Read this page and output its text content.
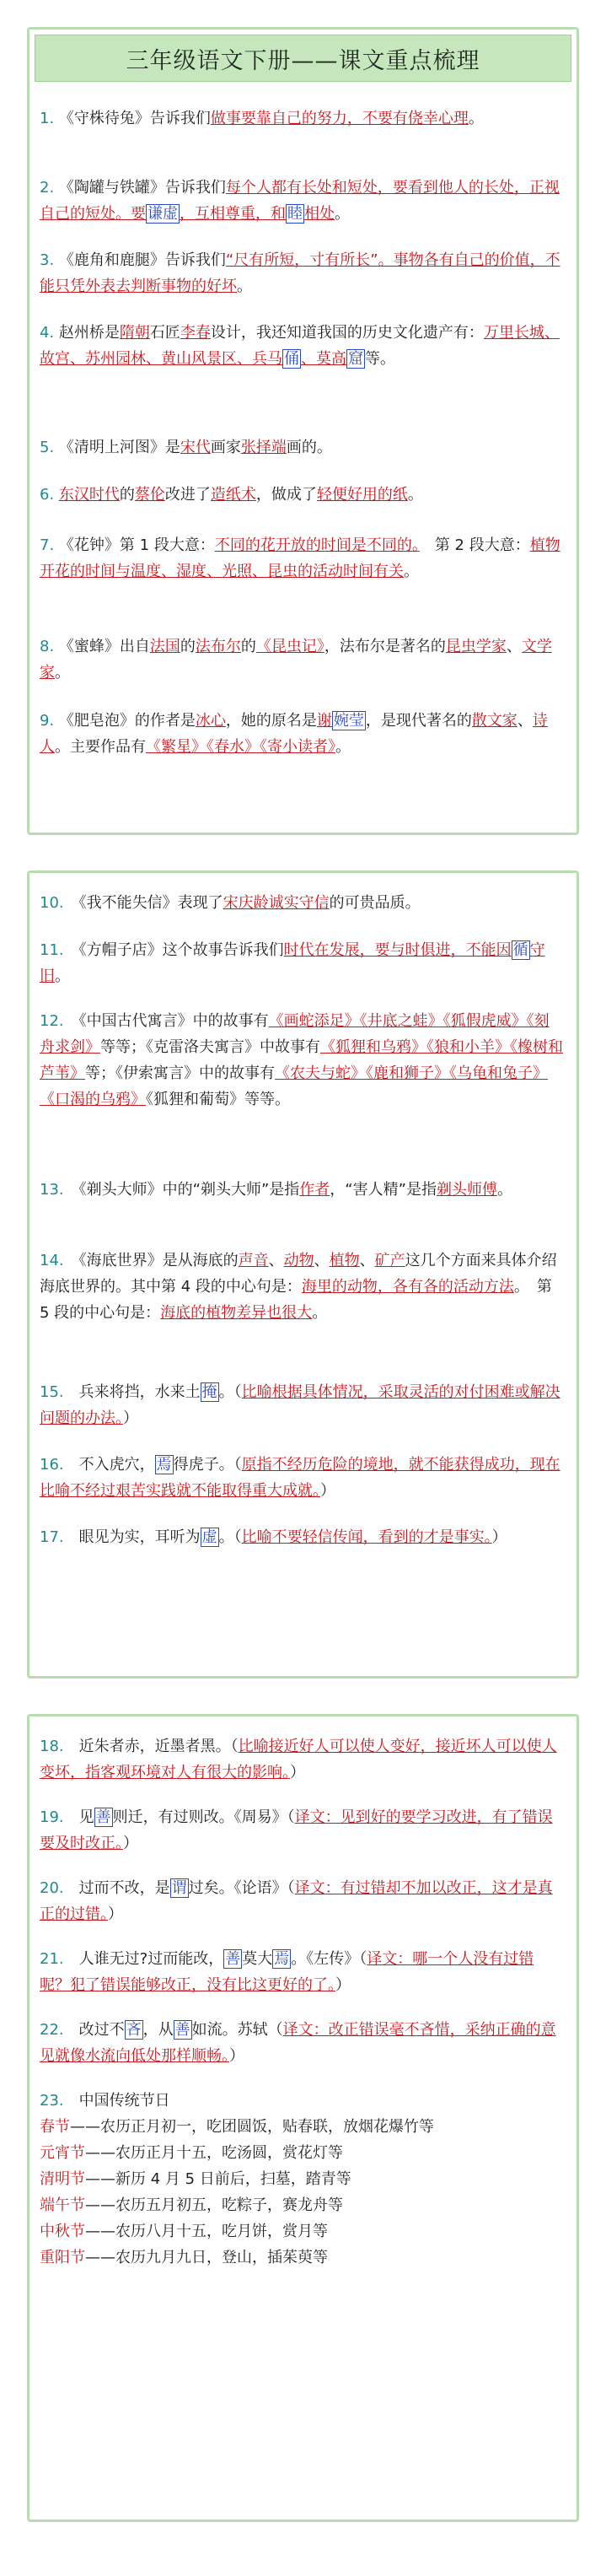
三年级语文下册——课文重点梳理
1. 《守株待兔》告诉我们做事要靠自己的努力，不要有侥幸心理。
2. 《陶罐与铁罐》告诉我们每个人都有长处和短处，要看到他人的长处，正视自己的短处。要 谦虚 ，互相尊重，和 睦 相处。
3. 《鹿角和鹿腿》告诉我们“尺有所短，寸有所长”。事物各有自己的价值，不能只凭外表去判断事物的好坏。
4. 赵州桥是隋朝石匠李春设计，我还知道我国的历史文化遗产有：万里长城、故宫、苏州园林、黄山风景区、兵马 俑 、莫高 窟 等。
5. 《清明上河图》是宋代画家张择端画的。
6. 东汉时代的蔡伦改进了造纸术，做成了轻便好用的纸。
7. 《花钟》第 1 段大意：不同的花开放的时间是不同的。　 第 2 段大意：植物开花的时间与温度、湿度、光照、昆虫的活动时间有关。
8. 《蜜蜂》出自法国的法布尔的《昆虫记》，法布尔是著名的昆虫学家、文学家。
9. 《肥皂泡》的作者是冰心，她的原名是谢 婉莹 ，是现代著名的散文家、诗人。主要作品有《繁星》《春水》《寄小读者》。
10.　 《我不能失信》表现了宋庆龄诚实守信的可贵品质。
11.　 《方帽子店》这个故事告诉我们时代在发展，要与时俱进，不能因 循 守旧。
12.　 《中国古代寓言》中的故事有《画蛇添足》《井底之蛙》《狐假虎威》《刻舟求剑》等等；《克雷洛夫寓言》中故事有《狐狸和乌鸦》《狼和小羊》《橡树和芦苇》等；《伊索寓言》中的故事有《农夫与蛇》《鹿和狮子》《乌龟和兔子》《口渴的乌鸦》《狐狸和葡萄》等等。
13.　 《剃头大师》中的“剃头大师”是指作者，“害人精”是指剃头师傅。
14.　 《海底世界》是从海底的声音、动物、植物、矿产这几个方面来具体介绍海底世界的。其中第 4 段的中心句是：海里的动物，各有各的活动方法。　第 5 段的中心句是：海底的植物差异也很大。
15.　 兵来将挡，水来土 掩 。（比喻根据具体情况，采取灵活的对付困难或解决问题的办法。）
16.　 不入虎穴， 焉 得虎子。（原指不经历危险的境地，就不能获得成功，现在比喻不经过艰苦实践就不能取得重大成就。）
17.　 眼见为实，耳听为 虚 。（比喻不要轻信传闻，看到的才是事实。）
18.　 近朱者赤，近墨者黑。（比喻接近好人可以使人变好，接近坏人可以使人变坏，指客观环境对人有很大的影响。）
19.　 见 善 则迁，有过则改。《周易》（译文：见到好的要学习改进，有了错误要及时改正。）
20.　 过而不改，是 谓 过矣。《论语》（译文：有过错却不加以改正，这才是真正的过错。）
21.　 人谁无过?过而能改， 善 莫大 焉 。《左传》（译文：哪一个人没有过错呢？犯了错误能够改正，没有比这更好的了。）
22.　 改过不 吝 ，从 善 如流。苏轼（译文：改正错误毫不吝惜，采纳正确的意见就像水流向低处那样顺畅。）
23.　 中国传统节日
春节——农历正月初一，吃团圆饭，贴春联，放烟花爆竹等
元宵节——农历正月十五，吃汤圆，赏花灯等
清明节——新历 4 月 5 日前后，扫墓，踏青等
端午节——农历五月初五，吃粽子，赛龙舟等
中秋节——农历八月十五，吃月饼，赏月等
重阳节——农历九月九日，登山，插茱萸等
